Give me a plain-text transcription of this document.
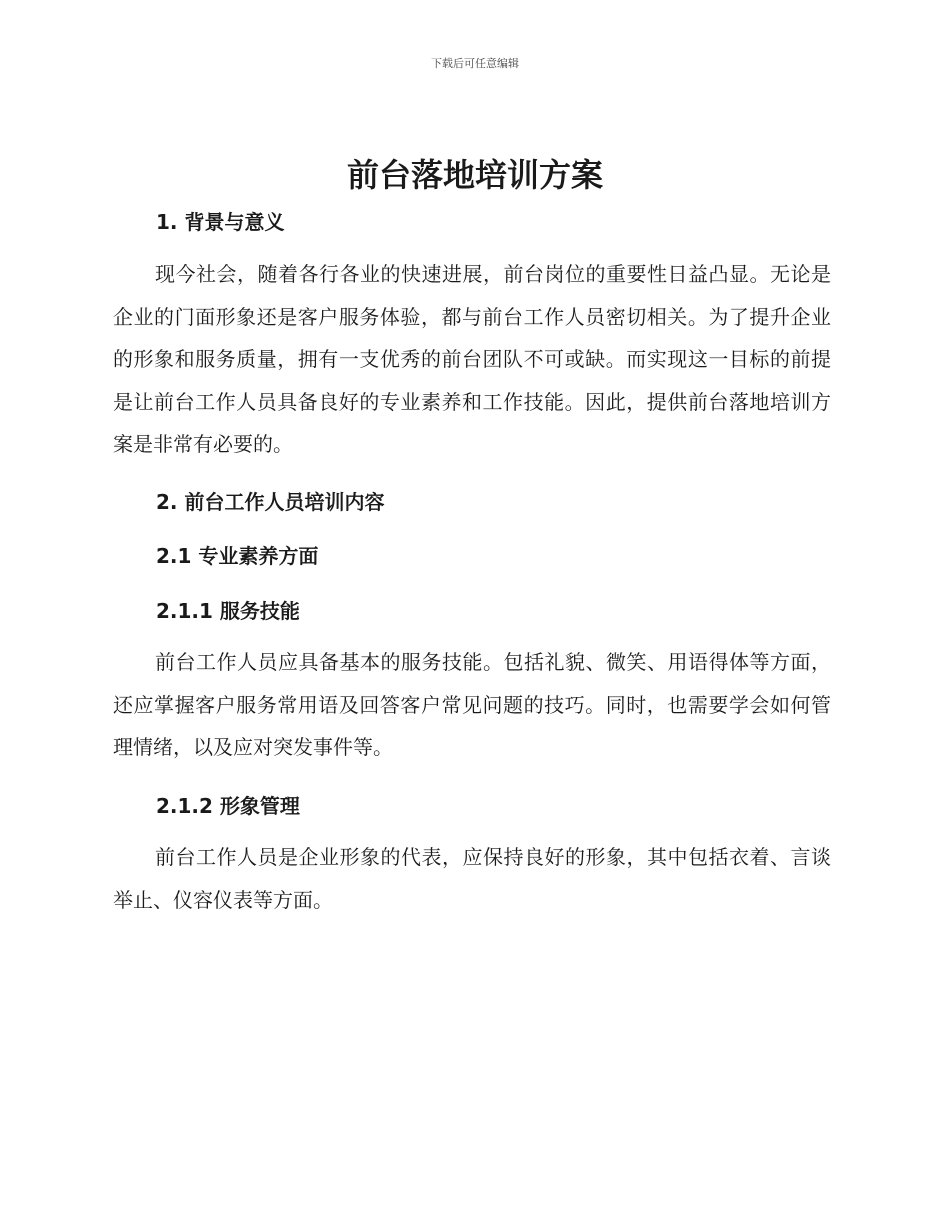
下载后可任意编辑
前台落地培训方案
1. 背景与意义

现今社会，随着各行各业的快速进展，前台岗位的重要性日益凸显。无论是企业的门面形象还是客户服务体验，都与前台工作人员密切相关。为了提升企业的形象和服务质量，拥有一支优秀的前台团队不可或缺。而实现这一目标的前提是让前台工作人员具备良好的专业素养和工作技能。因此，提供前台落地培训方案是非常有必要的。

2. 前台工作人员培训内容
2.1 专业素养方面
2.1.1 服务技能

前台工作人员应具备基本的服务技能。包括礼貌、微笑、用语得体等方面，还应掌握客户服务常用语及回答客户常见问题的技巧。同时，也需要学会如何管理情绪，以及应对突发事件等。

2.1.2 形象管理

前台工作人员是企业形象的代表，应保持良好的形象，其中包括衣着、言谈举止、仪容仪表等方面。
